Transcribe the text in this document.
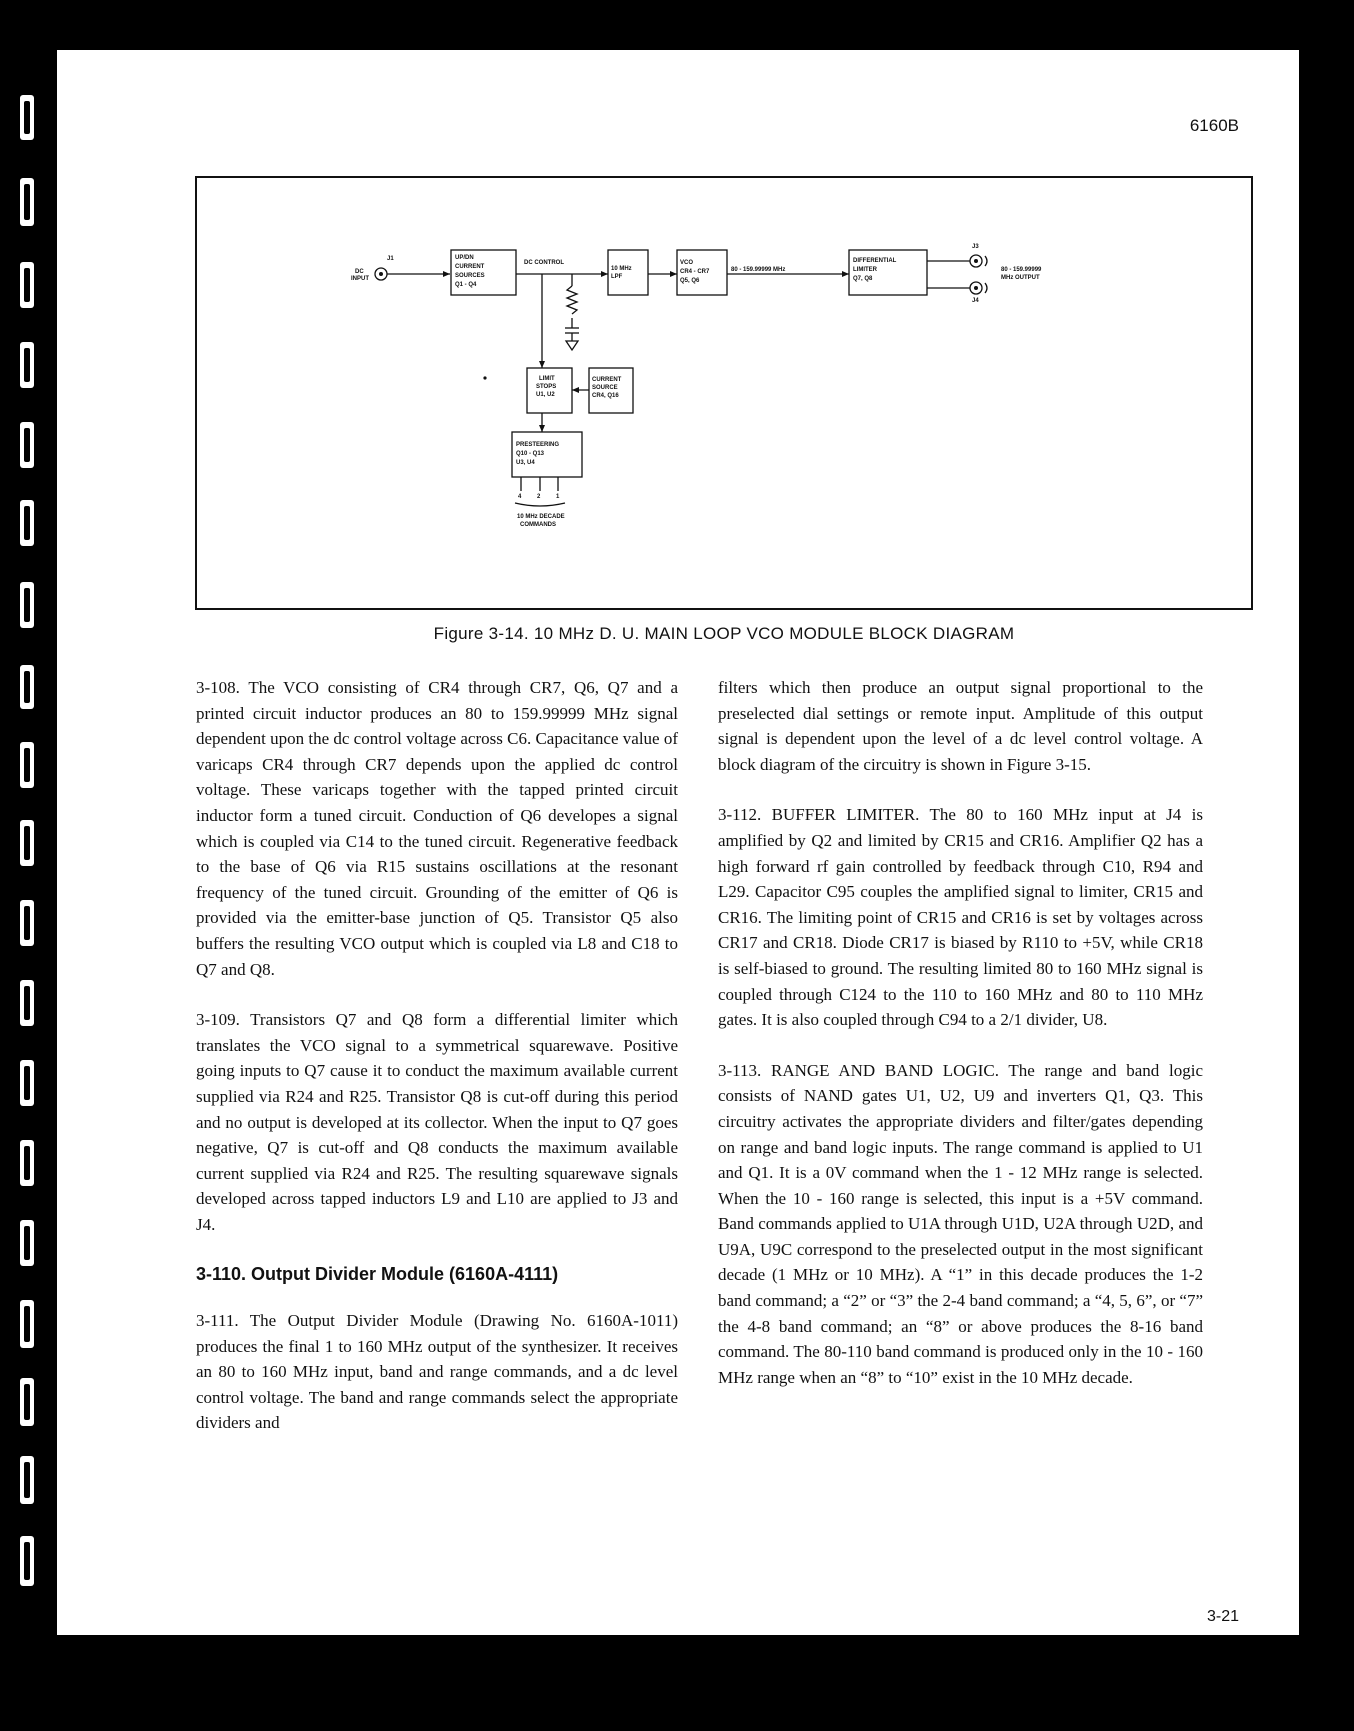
6160B
DC
INPUT
J1	UP/DN
CURRENT
SOURCES
Q1 - Q4
DC CONTROL
10 MHz
LPF
VCO
CR4 - CR7
Q5, Q6
80 - 159.99999 MHz
DIFFERENTIAL
LIMITER
Q7, Q8
J3
J4
80 - 159.99999
MHz OUTPUT
LIMIT
STOPS
U1, U2
CURRENT
SOURCE
CR4, Q16
PRESTEERING
Q10 - Q13
U3, U4
4	2	1
10 MHz DECADE
COMMANDS
Figure 3-14. 10 MHz D. U. MAIN LOOP VCO MODULE BLOCK DIAGRAM

3-108. The VCO consisting of CR4 through CR7, Q6, Q7 and a printed circuit inductor produces an 80 to 159.99999 MHz signal dependent upon the dc control voltage across C6. Capacitance value of varicaps CR4 through CR7 depends upon the applied dc control voltage. These varicaps together with the tapped printed circuit inductor form a tuned circuit. Conduction of Q6 developes a signal which is coupled via C14 to the tuned circuit. Regenerative feedback to the base of Q6 via R15 sustains oscillations at the resonant frequency of the tuned circuit. Grounding of the emitter of Q6 is provided via the emitter-base junction of Q5. Transistor Q5 also buffers the resulting VCO output which is coupled via L8 and C18 to Q7 and Q8.

3-109. Transistors Q7 and Q8 form a differential limiter which translates the VCO signal to a symmetrical squarewave. Positive going inputs to Q7 cause it to conduct the maximum available current supplied via R24 and R25. Transistor Q8 is cut-off during this period and no output is developed at its collector. When the input to Q7 goes negative, Q7 is cut-off and Q8 conducts the maximum available current supplied via R24 and R25. The resulting squarewave signals developed across tapped inductors L9 and L10 are applied to J3 and J4.

3-110. Output Divider Module (6160A-4111)

3-111. The Output Divider Module (Drawing No. 6160A-1011) produces the final 1 to 160 MHz output of the synthesizer. It receives an 80 to 160 MHz input, band and range commands, and a dc level control voltage. The band and range commands select the appropriate dividers and

filters which then produce an output signal proportional to the preselected dial settings or remote input. Amplitude of this output signal is dependent upon the level of a dc level control voltage. A block diagram of the circuitry is shown in Figure 3-15.

3-112. BUFFER LIMITER. The 80 to 160 MHz input at J4 is amplified by Q2 and limited by CR15 and CR16. Amplifier Q2 has a high forward rf gain controlled by feedback through C10, R94 and L29. Capacitor C95 couples the amplified signal to limiter, CR15 and CR16. The limiting point of CR15 and CR16 is set by voltages across CR17 and CR18. Diode CR17 is biased by R110 to +5V, while CR18 is self-biased to ground. The resulting limited 80 to 160 MHz signal is coupled through C124 to the 110 to 160 MHz and 80 to 110 MHz gates. It is also coupled through C94 to a 2/1 divider, U8.

3-113. RANGE AND BAND LOGIC. The range and band logic consists of NAND gates U1, U2, U9 and inverters Q1, Q3. This circuitry activates the appropriate dividers and filter/gates depending on range and band logic inputs. The range command is applied to U1 and Q1. It is a 0V command when the 1 - 12 MHz range is selected. When the 10 - 160 range is selected, this input is a +5V command. Band commands applied to U1A through U1D, U2A through U2D, and U9A, U9C correspond to the preselected output in the most significant decade (1 MHz or 10 MHz). A “1” in this decade produces the 1-2 band command; a “2” or “3” the 2-4 band command; a “4, 5, 6”, or “7” the 4-8 band command; an “8” or above produces the 8-16 band command. The 80-110 band command is produced only in the 10 - 160 MHz range when an “8” to “10” exist in the 10 MHz decade.

3-21
